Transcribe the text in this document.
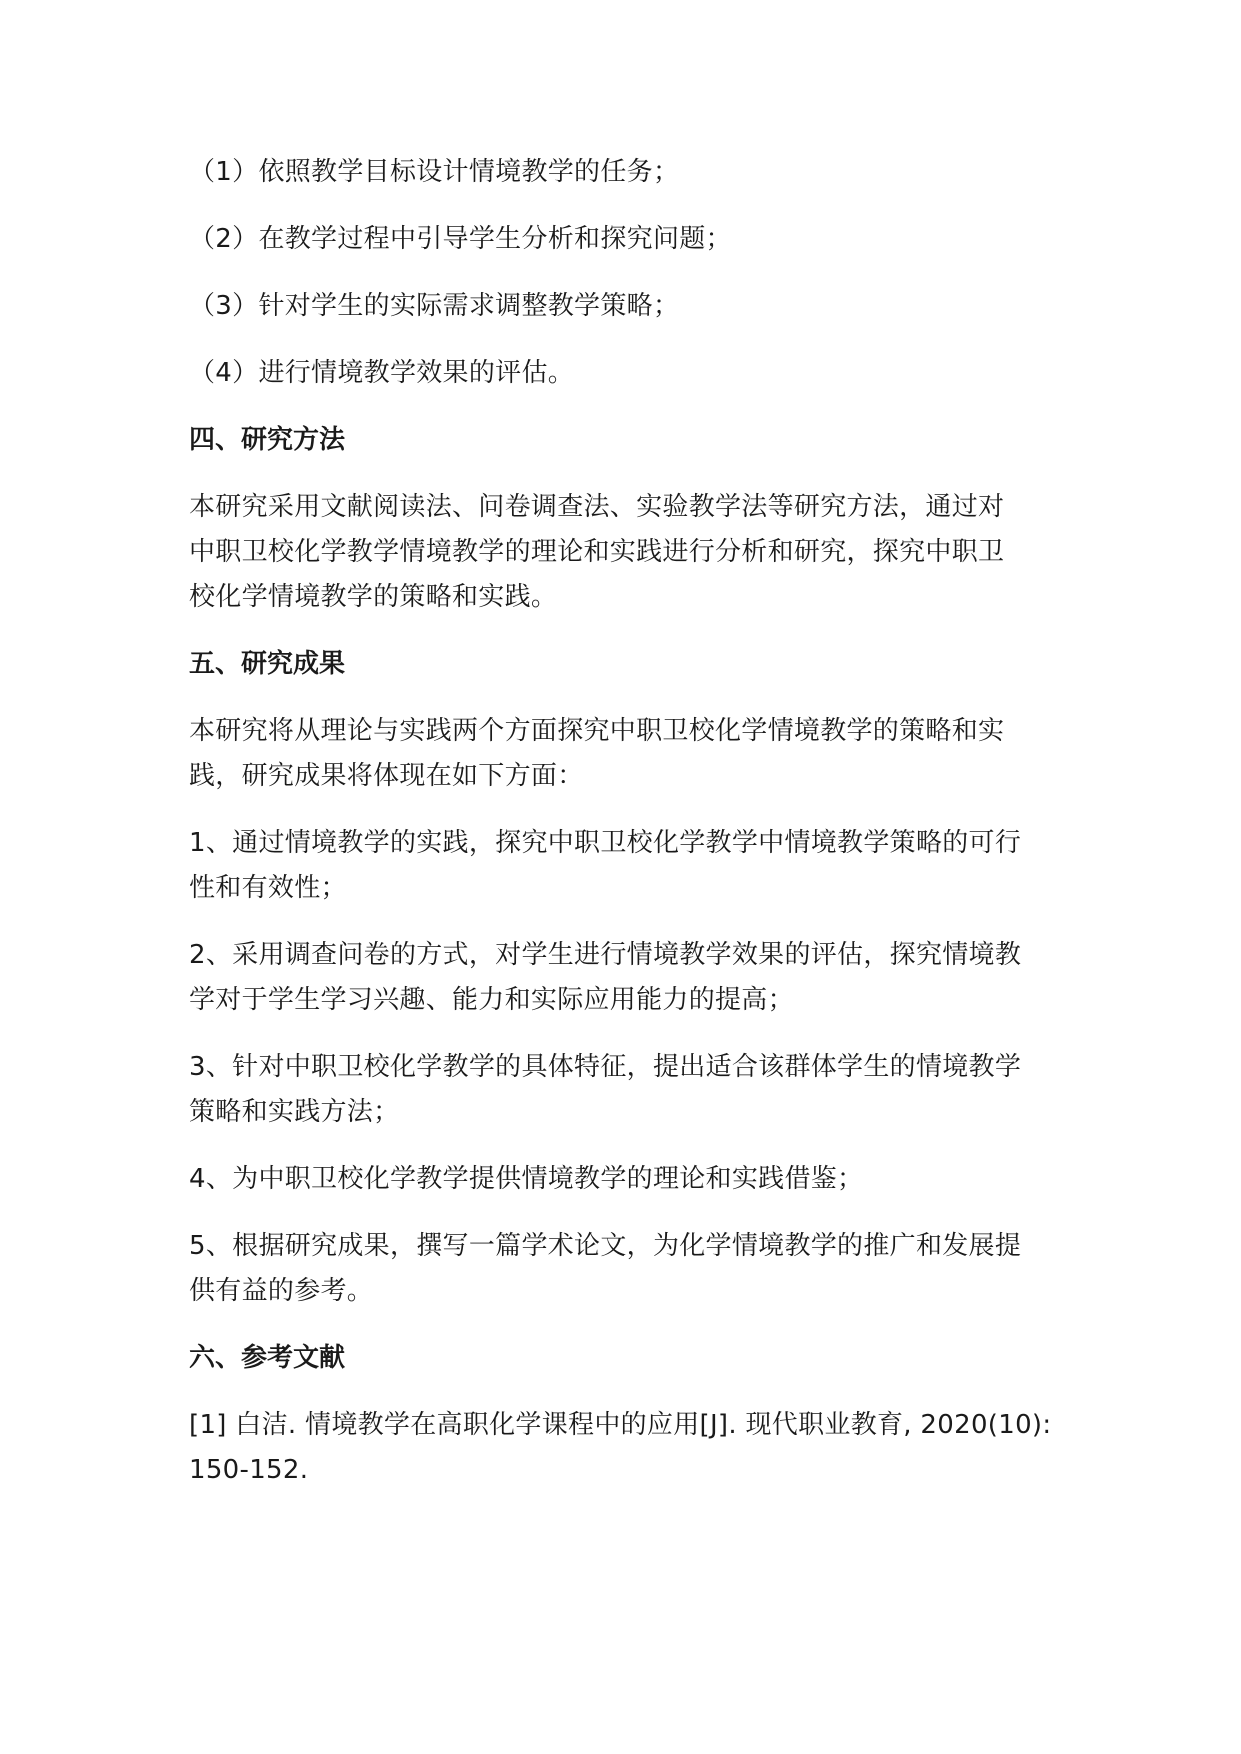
（1）依照教学目标设计情境教学的任务；

（2）在教学过程中引导学生分析和探究问题；

（3）针对学生的实际需求调整教学策略；

（4）进行情境教学效果的评估。

四、研究方法

本研究采用文献阅读法、问卷调查法、实验教学法等研究方法，通过对
中职卫校化学教学情境教学的理论和实践进行分析和研究，探究中职卫
校化学情境教学的策略和实践。

五、研究成果

本研究将从理论与实践两个方面探究中职卫校化学情境教学的策略和实
践，研究成果将体现在如下方面：

1、通过情境教学的实践，探究中职卫校化学教学中情境教学策略的可行
性和有效性；

2、采用调查问卷的方式，对学生进行情境教学效果的评估，探究情境教
学对于学生学习兴趣、能力和实际应用能力的提高；

3、针对中职卫校化学教学的具体特征，提出适合该群体学生的情境教学
策略和实践方法；

4、为中职卫校化学教学提供情境教学的理论和实践借鉴；

5、根据研究成果，撰写一篇学术论文，为化学情境教学的推广和发展提
供有益的参考。

六、参考文献

[1] 白洁. 情境教学在高职化学课程中的应用[J]. 现代职业教育, 2020(10):
150-152.
